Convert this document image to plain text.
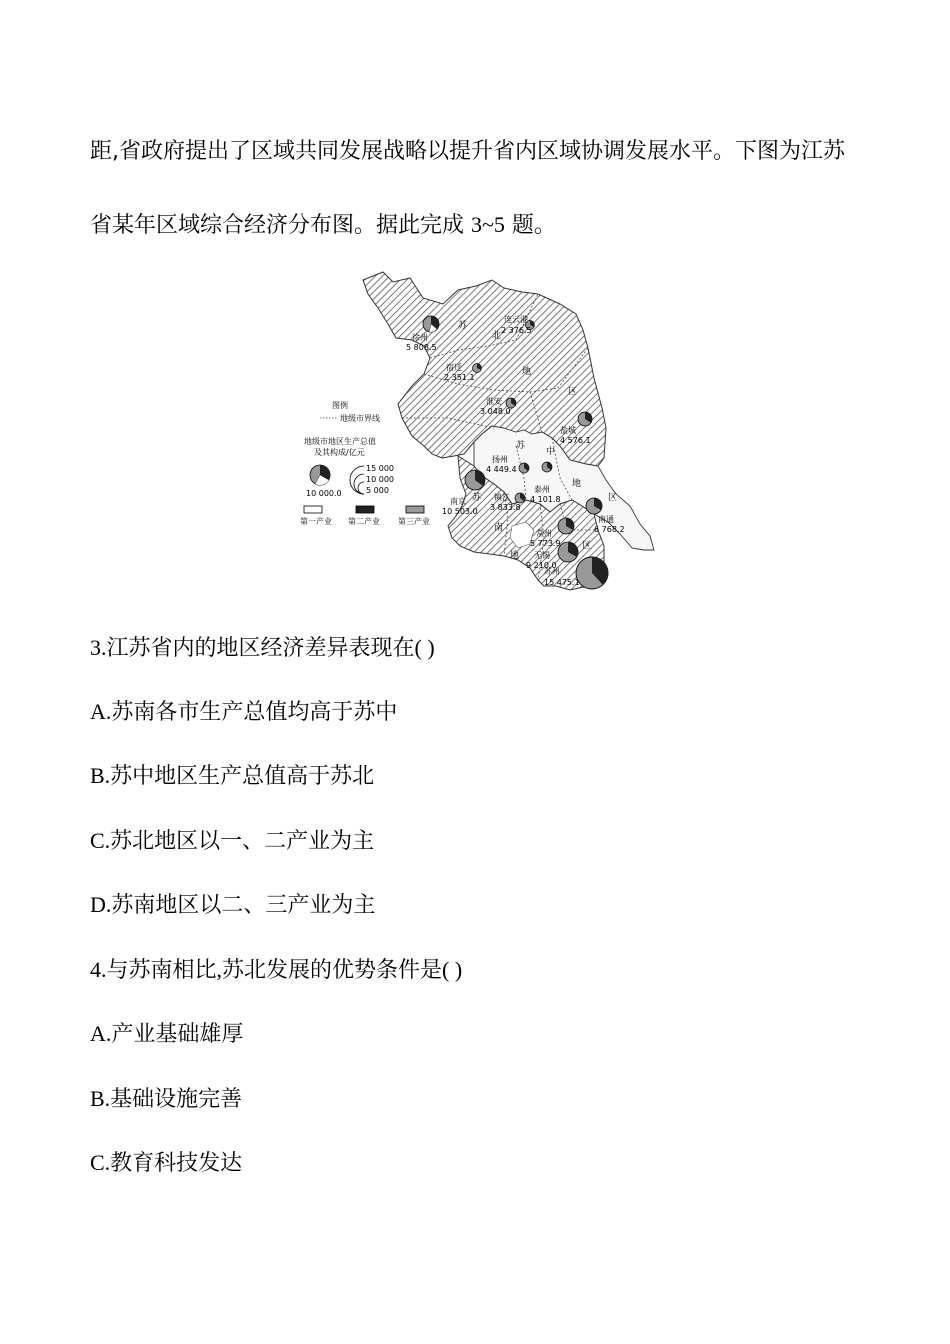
距,省政府提出了区域共同发展战略以提升省内区域协调发展水平。下图为江苏
省某年区域综合经济分布图。据此完成 3~5 题。
苏
北
地
区
苏
中
地
区
苏
南
地
区
连云港
2 376.5
徐州
5 808.5
宿迁
2 351.1
淮安
3 048.0
盐城
4 576.1
扬州
4 449.4
泰州
4 101.8
南通
6 768.2
南京
10 503.0
镇江
3 833.8
常州
5 773.9
无锡
9 210.0
苏州
15 475.1
图例
地级市界线
地级市地区生产总值
及其构成/亿元
10 000.0
15 000
10 000
5 000
第一产业 第二产业 第三产业
3.江苏省内的地区经济差异表现在( )
A.苏南各市生产总值均高于苏中
B.苏中地区生产总值高于苏北
C.苏北地区以一、二产业为主
D.苏南地区以二、三产业为主
4.与苏南相比,苏北发展的优势条件是( )
A.产业基础雄厚
B.基础设施完善
C.教育科技发达
